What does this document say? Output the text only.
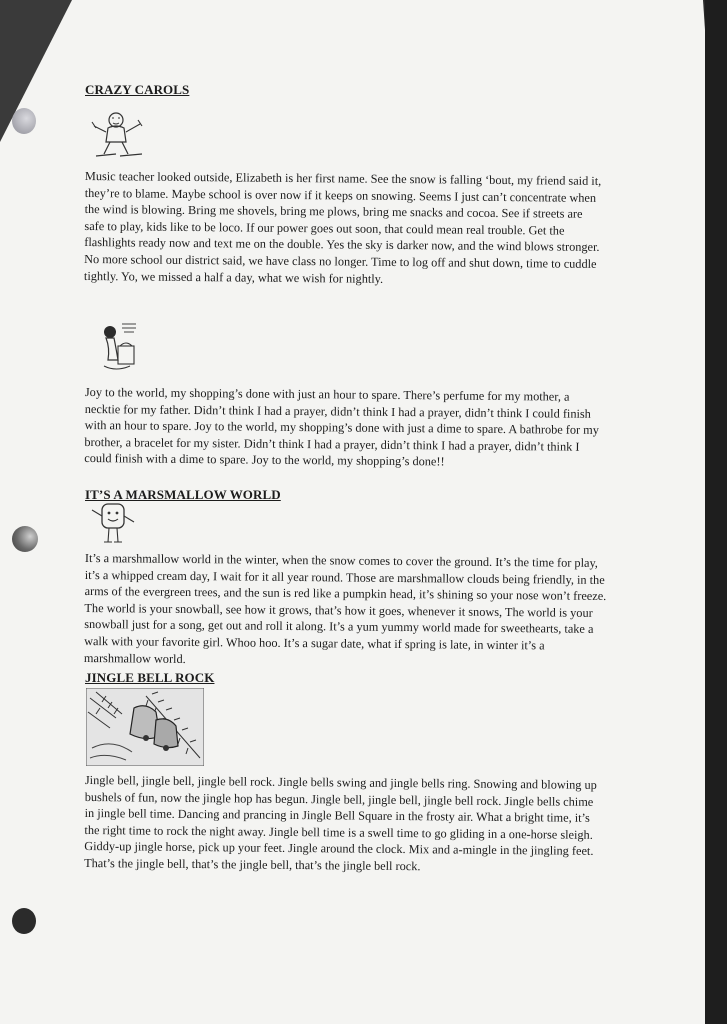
CRAZY CAROLS
Music teacher looked outside, Elizabeth is her first name. See the snow is falling ‘bout, my friend said it,
they’re to blame. Maybe school is over now if it keeps on snowing. Seems I just can’t concentrate when
the wind is blowing. Bring me shovels, bring me plows, bring me snacks and cocoa. See if streets are
safe to play, kids like to be loco. If our power goes out soon, that could mean real trouble. Get the
flashlights ready now and text me on the double. Yes the sky is darker now, and the wind blows stronger.
No more school our district said, we have class no longer. Time to log off and shut down, time to cuddle
tightly. Yo, we missed a half a day, what we wish for nightly.
Joy to the world, my shopping’s done with just an hour to spare. There’s perfume for my mother, a
necktie for my father. Didn’t think I had a prayer, didn’t think I had a prayer, didn’t think I could finish
with an hour to spare. Joy to the world, my shopping’s done with just a dime to spare. A bathrobe for my
brother, a bracelet for my sister. Didn’t think I had a prayer, didn’t think I had a prayer, didn’t think I
could finish with a dime to spare. Joy to the world, my shopping’s done!!
IT’S A MARSMALLOW WORLD
It’s a marshmallow world in the winter, when the snow comes to cover the ground. It’s the time for play,
it’s a whipped cream day, I wait for it all year round. Those are marshmallow clouds being friendly, in the
arms of the evergreen trees, and the sun is red like a pumpkin head, it’s shining so your nose won’t freeze.
The world is your snowball, see how it grows, that’s how it goes, whenever it snows, The world is your
snowball just for a song, get out and roll it along. It’s a yum yummy world made for sweethearts, take a
walk with your favorite girl. Whoo hoo. It’s a sugar date, what if spring is late, in winter it’s a
marshmallow world.
JINGLE BELL ROCK
Jingle bell, jingle bell, jingle bell rock. Jingle bells swing and jingle bells ring. Snowing and blowing up
bushels of fun, now the jingle hop has begun. Jingle bell, jingle bell, jingle bell rock. Jingle bells chime
in jingle bell time. Dancing and prancing in Jingle Bell Square in the frosty air. What a bright time, it’s
the right time to rock the night away. Jingle bell time is a swell time to go gliding in a one-horse sleigh.
Giddy-up jingle horse, pick up your feet. Jingle around the clock. Mix and a-mingle in the jingling feet.
That’s the jingle bell, that’s the jingle bell, that’s the jingle bell rock.
